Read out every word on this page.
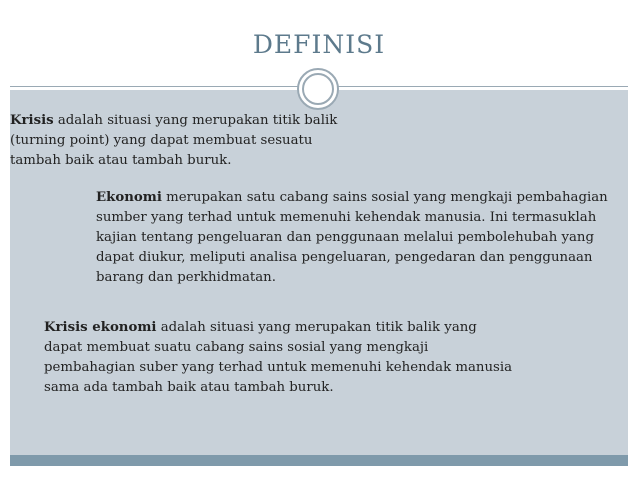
DEFINISI
Krisis adalah situasi yang merupakan titik balik (turning point) yang dapat membuat sesuatu tambah baik atau tambah buruk.
Ekonomi merupakan satu cabang sains sosial yang mengkaji pembahagian sumber yang terhad untuk memenuhi kehendak manusia. Ini termasuklah kajian tentang pengeluaran dan penggunaan melalui pembolehubah yang dapat diukur, meliputi analisa pengeluaran, pengedaran dan penggunaan barang dan perkhidmatan.
Krisis ekonomi adalah situasi yang merupakan titik balik yang dapat membuat suatu cabang sains sosial yang mengkaji pembahagian suber yang terhad untuk memenuhi kehendak manusia sama ada tambah baik atau tambah buruk.
